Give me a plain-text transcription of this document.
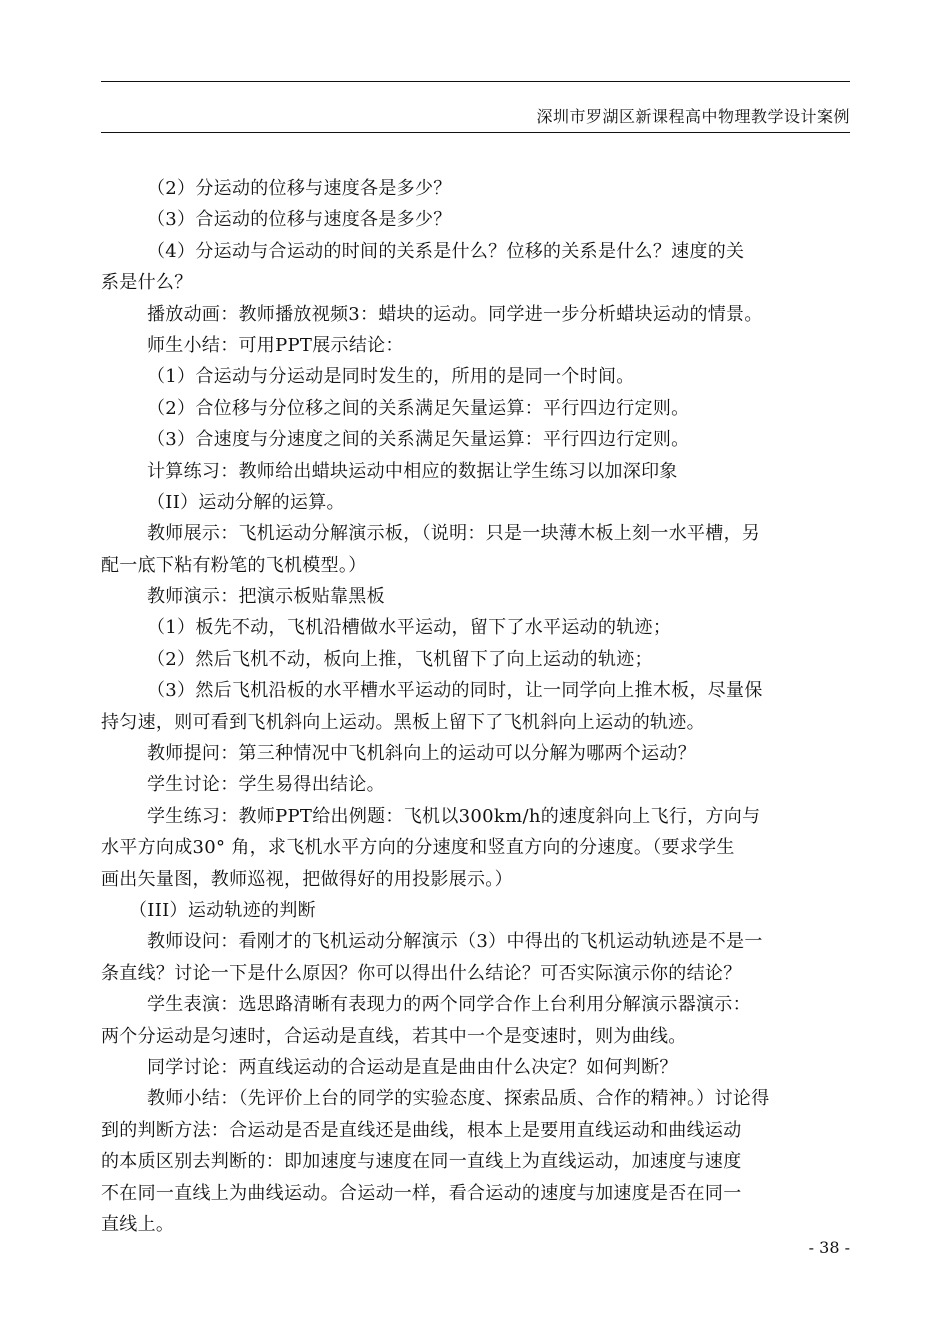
深圳市罗湖区新课程高中物理教学设计案例
（2）分运动的位移与速度各是多少？
（3）合运动的位移与速度各是多少？
（4）分运动与合运动的时间的关系是什么？位移的关系是什么？速度的关
系是什么？
播放动画：教师播放视频3：蜡块的运动。同学进一步分析蜡块运动的情景。
师生小结：可用PPT展示结论：
（1）合运动与分运动是同时发生的，所用的是同一个时间。
（2）合位移与分位移之间的关系满足矢量运算：平行四边行定则。
（3）合速度与分速度之间的关系满足矢量运算：平行四边行定则。
计算练习：教师给出蜡块运动中相应的数据让学生练习以加深印象
（II）运动分解的运算。
教师展示：飞机运动分解演示板，（说明：只是一块薄木板上刻一水平槽，另
配一底下粘有粉笔的飞机模型。）
教师演示：把演示板贴靠黑板
（1）板先不动，飞机沿槽做水平运动，留下了水平运动的轨迹；
（2）然后飞机不动，板向上推，飞机留下了向上运动的轨迹；
（3）然后飞机沿板的水平槽水平运动的同时，让一同学向上推木板，尽量保
持匀速，则可看到飞机斜向上运动。黑板上留下了飞机斜向上运动的轨迹。
教师提问：第三种情况中飞机斜向上的运动可以分解为哪两个运动？
学生讨论：学生易得出结论。
学生练习：教师PPT给出例题：飞机以300km/h的速度斜向上飞行，方向与
水平方向成30° 角，求飞机水平方向的分速度和竖直方向的分速度。（要求学生
画出矢量图，教师巡视，把做得好的用投影展示。）
（III）运动轨迹的判断
教师设问：看刚才的飞机运动分解演示（3）中得出的飞机运动轨迹是不是一
条直线？讨论一下是什么原因？你可以得出什么结论？可否实际演示你的结论？
学生表演：选思路清晰有表现力的两个同学合作上台利用分解演示器演示：
两个分运动是匀速时，合运动是直线，若其中一个是变速时，则为曲线。
同学讨论：两直线运动的合运动是直是曲由什么决定？如何判断？
教师小结：（先评价上台的同学的实验态度、探索品质、合作的精神。）讨论得
到的判断方法：合运动是否是直线还是曲线，根本上是要用直线运动和曲线运动
的本质区别去判断的：即加速度与速度在同一直线上为直线运动，加速度与速度
不在同一直线上为曲线运动。合运动一样，看合运动的速度与加速度是否在同一
直线上。
- 38 -
